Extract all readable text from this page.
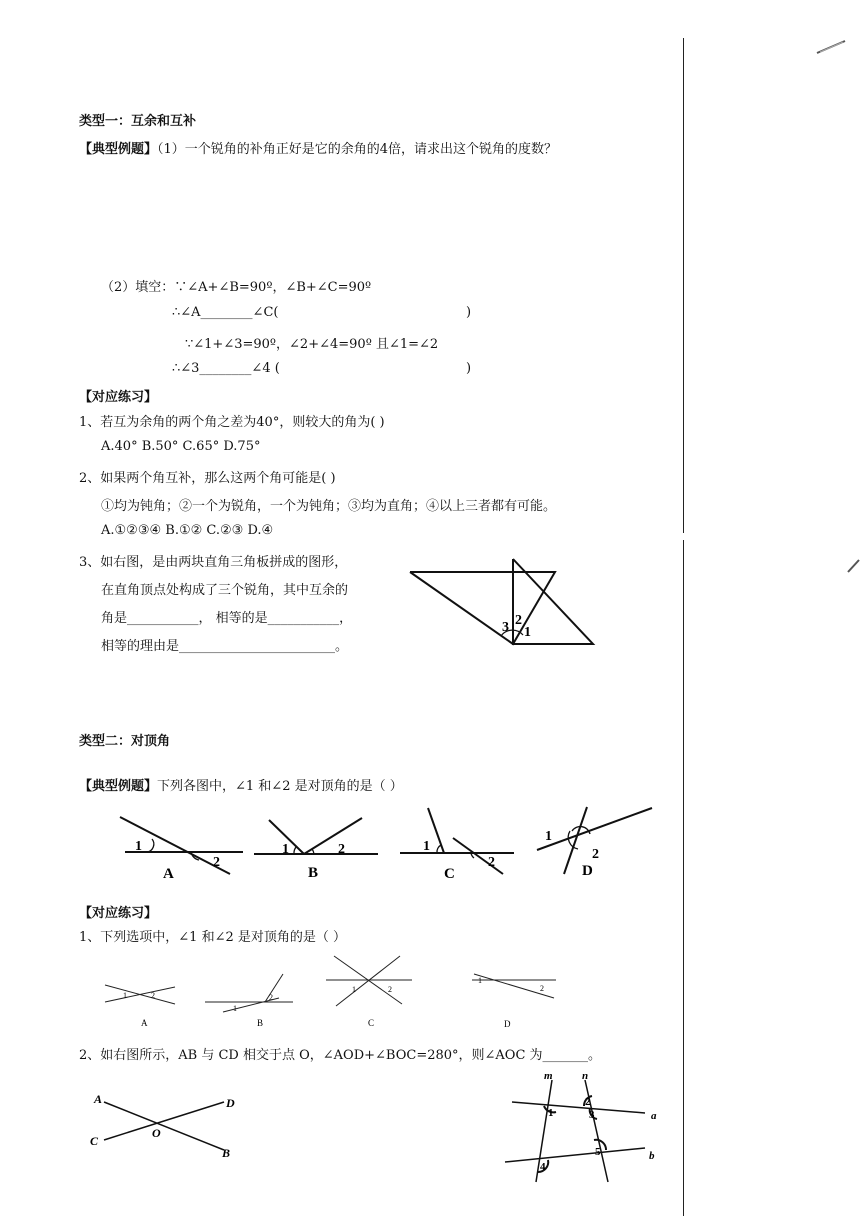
类型一：互余和互补
【典型例题】（1）一个锐角的补角正好是它的余角的4倍，请求出这个锐角的度数？
（2）填空：∵∠A+∠B=90º，∠B+∠C=90º
∴∠A________∠C(	)
∵∠1+∠3=90º，∠2+∠4=90º 且∠1=∠2
∴∠3________∠4 (	)
【对应练习】
1、若互为余角的两个角之差为40°，则较大的角为( )
A.40° B.50° C.65° D.75°
2、如果两个角互补，那么这两个角可能是( )
①均为钝角；②一个为锐角，一个为钝角；③均为直角；④以上三者都有可能。
A.①②③④ B.①② C.②③ D.④
3、如右图，是由两块直角三角板拼成的图形，
在直角顶点处构成了三个锐角，其中互余的
角是___________， 相等的是___________，
相等的理由是________________________。
3 2
1
类型二：对顶角
【典型例题】下列各图中，∠1 和∠2 是对顶角的是（ ）
1
2
A
1	2
B
1
2
C
1
2
D
【对应练习】
1、下列选项中，∠1 和∠2 是对顶角的是（ ）
1	2
A
1
2
B
1	2
C
1
2
D
2、如右图所示，AB 与 CD 相交于点 O，∠AOD+∠BOC=280°，则∠AOC 为_______。
A	D
C
O
B
m	n
a
b
1
2
3
4
5
